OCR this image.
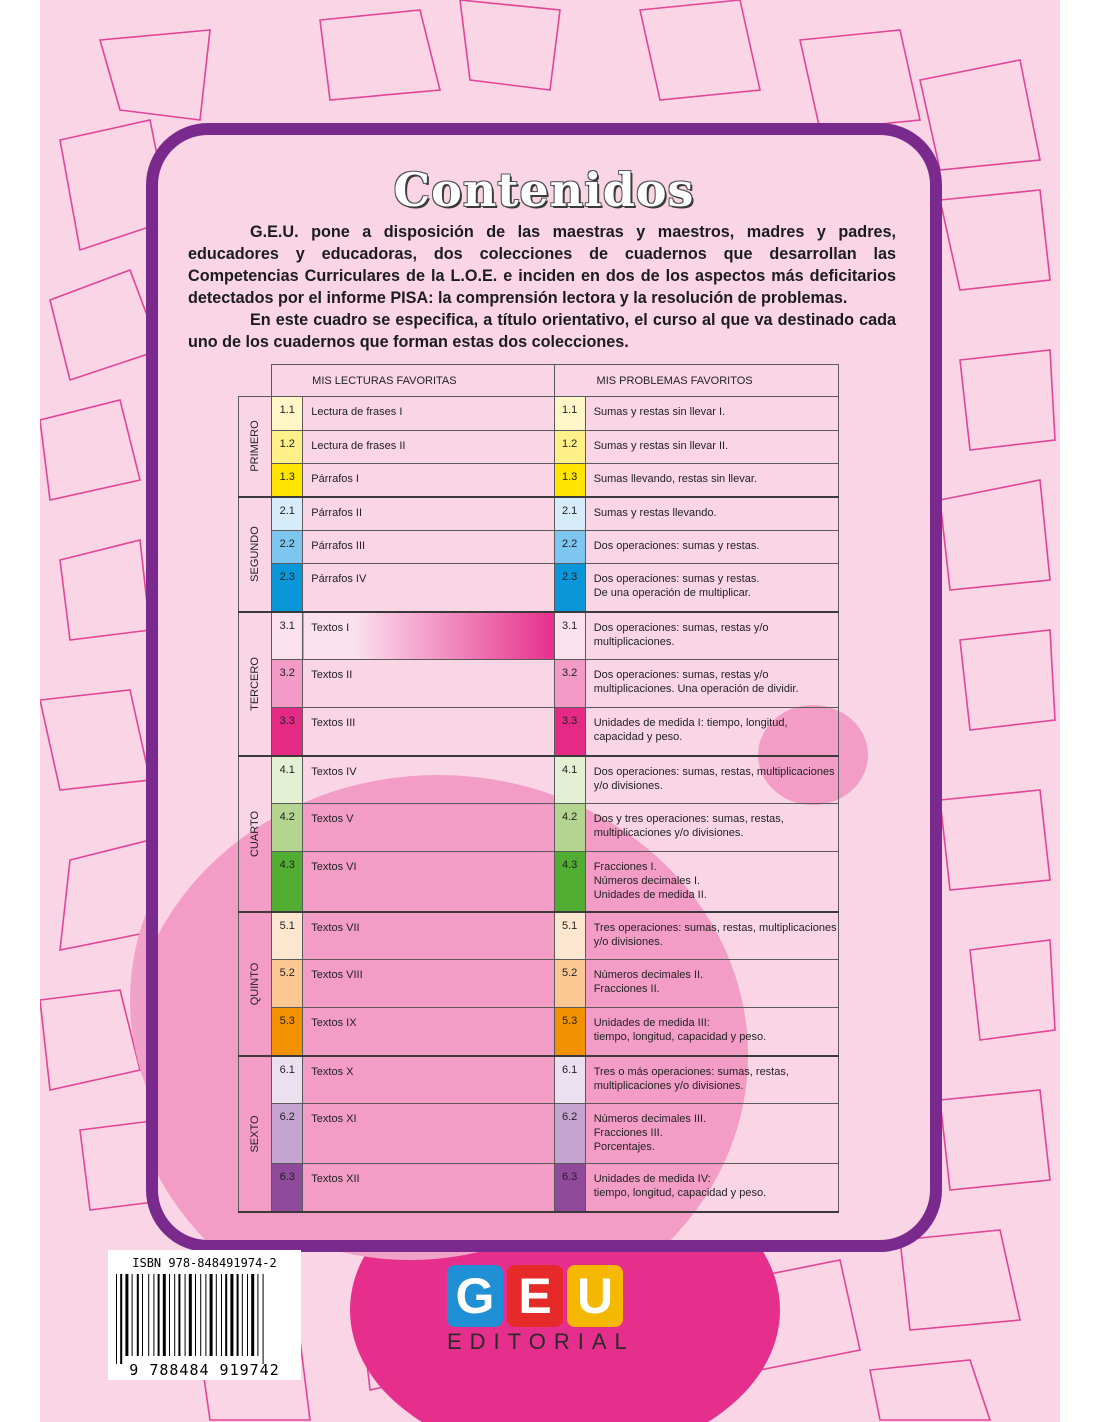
Contenidos

G.E.U. pone a disposición de las maestras y maestros, madres y padres, educadores y educadoras, dos colecciones de cuadernos que desarrollan las Competencias Curriculares de la L.O.E. e inciden en dos de los aspectos más deficitarios detectados por el informe PISA: la comprensión lectora y la resolución de problemas.

En este cuadro se especifica, a título orientativo, el curso al que va destinado cada uno de los cuadernos que forman estas dos colecciones.

	MIS LECTURAS FAVORITAS		MIS PROBLEMAS FAVORITOS	

PRIMERO	1.1	Lectura de frases I	1.1	Sumas y restas sin llevar I.
	1.2	Lectura de frases II	1.2	Sumas y restas sin llevar II.
	1.3	Párrafos I	1.3	Sumas llevando, restas sin llevar.

SEGUNDO	2.1	Párrafos II	2.1	Sumas y restas llevando.
	2.2	Párrafos III	2.2	Dos operaciones: sumas y restas.
	2.3	Párrafos IV	2.3	Dos operaciones: sumas y restas.
De una operación de multiplicar.

TERCERO	3.1	Textos I	3.1	Dos operaciones: sumas, restas y/o multiplicaciones.
	3.2	Textos II	3.2	Dos operaciones: sumas, restas y/o multiplicaciones. Una operación de dividir.
	3.3	Textos III	3.3	Unidades de medida I: tiempo, longitud, capacidad y peso.

CUARTO	4.1	Textos IV	4.1	Dos operaciones: sumas, restas, multiplicaciones y/o divisiones.
	4.2	Textos V	4.2	Dos y tres operaciones: sumas, restas, multiplicaciones y/o divisiones.
	4.3	Textos VI	4.3	Fracciones I.
Números decimales I.
Unidades de medida II.

QUINTO	5.1	Textos VII	5.1	Tres operaciones: sumas, restas, multiplicaciones y/o divisiones.
	5.2	Textos VIII	5.2	Números decimales II.
Fracciones II.
	5.3	Textos IX	5.3	Unidades de medida III:
tiempo, longitud, capacidad y peso.

SEXTO	6.1	Textos X	6.1	Tres o más operaciones: sumas, restas, multiplicaciones y/o divisiones.
	6.2	Textos XI	6.2	Números decimales III.
Fracciones III.
Porcentajes.
	6.3	Textos XII	6.3	Unidades de medida IV:
tiempo, longitud, capacidad y peso.
G E U
EDITORIAL
ISBN 978-848491974-2
9 788484 919742
